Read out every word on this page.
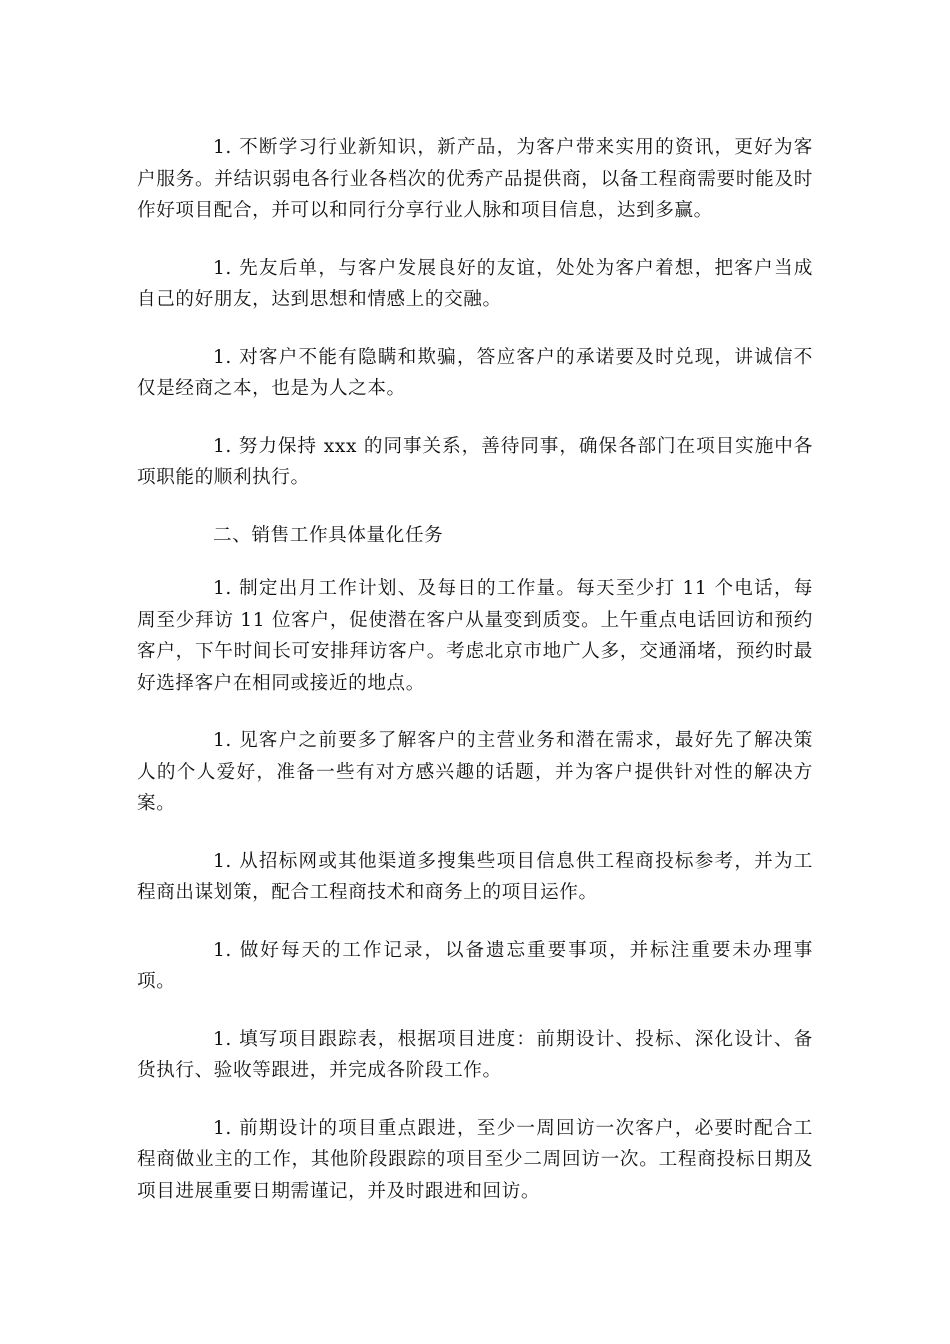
1. 不断学习行业新知识，新产品，为客户带来实用的资讯，更好为客户服务。并结识弱电各行业各档次的优秀产品提供商，以备工程商需要时能及时作好项目配合，并可以和同行分享行业人脉和项目信息，达到多赢。

1. 先友后单，与客户发展良好的友谊，处处为客户着想，把客户当成自己的好朋友，达到思想和情感上的交融。

1. 对客户不能有隐瞒和欺骗，答应客户的承诺要及时兑现，讲诚信不仅是经商之本，也是为人之本。

1. 努力保持 xxx 的同事关系，善待同事，确保各部门在项目实施中各项职能的顺利执行。

二、销售工作具体量化任务

1. 制定出月工作计划、及每日的工作量。每天至少打 11 个电话，每周至少拜访 11 位客户，促使潜在客户从量变到质变。上午重点电话回访和预约客户，下午时间长可安排拜访客户。考虑北京市地广人多，交通涌堵，预约时最好选择客户在相同或接近的地点。

1. 见客户之前要多了解客户的主营业务和潜在需求，最好先了解决策人的个人爱好，准备一些有对方感兴趣的话题，并为客户提供针对性的解决方案。

1. 从招标网或其他渠道多搜集些项目信息供工程商投标参考，并为工程商出谋划策，配合工程商技术和商务上的项目运作。

1. 做好每天的工作记录，以备遗忘重要事项，并标注重要未办理事项。

1. 填写项目跟踪表，根据项目进度：前期设计、投标、深化设计、备货执行、验收等跟进，并完成各阶段工作。

1. 前期设计的项目重点跟进，至少一周回访一次客户，必要时配合工程商做业主的工作，其他阶段跟踪的项目至少二周回访一次。工程商投标日期及项目进展重要日期需谨记，并及时跟进和回访。
